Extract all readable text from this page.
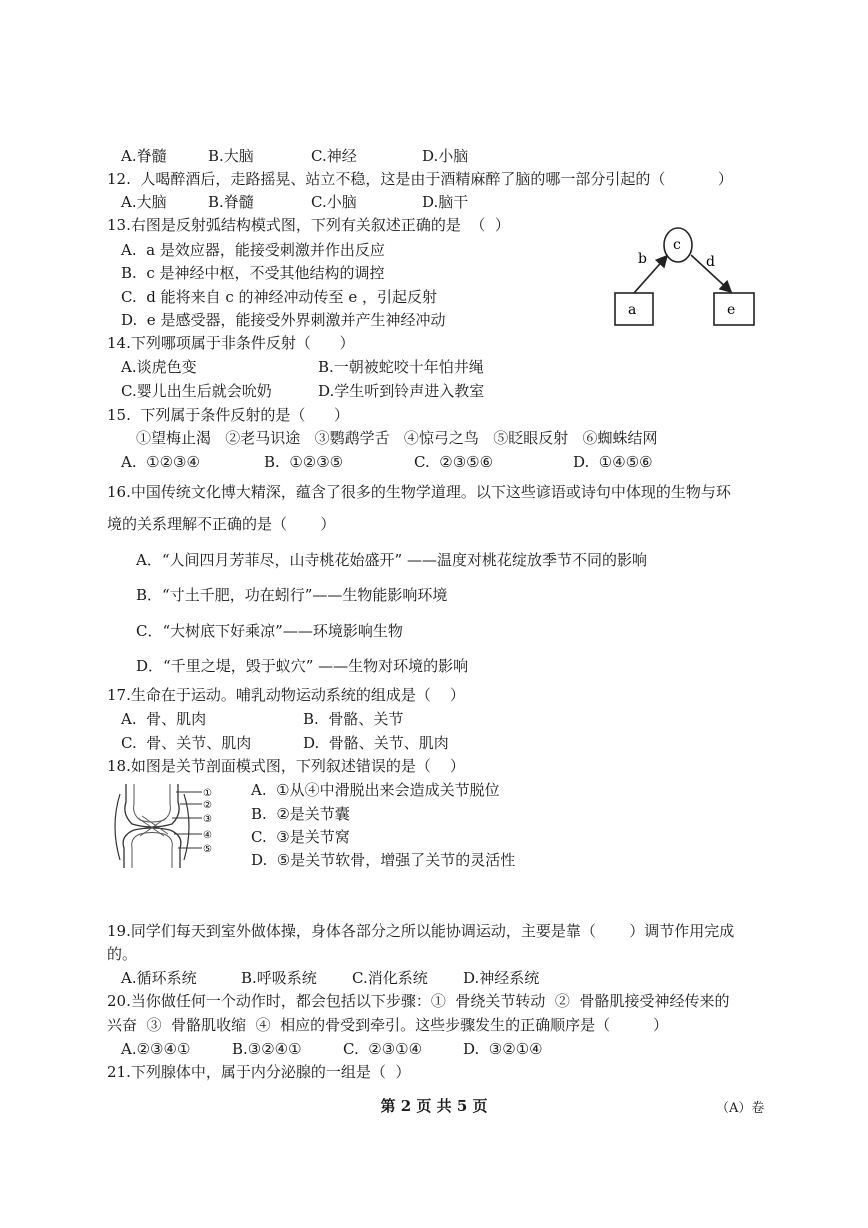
A.脊髓	B.大脑	C.神经	D.小脑
12.  人喝醉酒后，走路摇晃、站立不稳，这是由于酒精麻醉了脑的哪一部分引起的（           ）
A.大脑	B.脊髓	C.小脑	D.脑干
13.右图是反射弧结构模式图，下列有关叙述正确的是  （  ）
A.  a 是效应器，能接受刺激并作出反应
B.  c 是神经中枢，不受其他结构的调控
C.  d 能将来自 c 的神经冲动传至 e ，引起反射
D.  e 是感受器，能接受外界刺激并产生神经冲动
a
c
e
b	d
14.下列哪项属于非条件反射（      ）
A.谈虎色变	B.一朝被蛇咬十年怕井绳
C.婴儿出生后就会吮奶	D.学生听到铃声进入教室
15.  下列属于条件反射的是（      ）
①望梅止渴   ②老马识途   ③鹦鹉学舌   ④惊弓之鸟   ⑤眨眼反射   ⑥蜘蛛结网
A.  ①②③④	B.  ①②③⑤	C.  ②③⑤⑥	D.  ①④⑤⑥
16.中国传统文化博大精深，蕴含了很多的生物学道理。以下这些谚语或诗句中体现的生物与环
境的关系理解不正确的是（       ）
A．“人间四月芳菲尽，山寺桃花始盛开” ——温度对桃花绽放季节不同的影响
B．“寸土千肥，功在蚓行”——生物能影响环境
C．“大树底下好乘凉”——环境影响生物
D．“千里之堤，毁于蚁穴” ——生物对环境的影响
17.生命在于运动。哺乳动物运动系统的组成是（    ）
A.  骨、肌肉	B.  骨骼、关节
C.  骨、关节、肌肉	D.  骨骼、关节、肌肉
18.如图是关节剖面模式图，下列叙述错误的是（    ）
A.  ①从④中滑脱出来会造成关节脱位
B.  ②是关节囊
C.  ③是关节窝
D.  ⑤是关节软骨，增强了关节的灵活性
①
②
③
④
⑤
19.同学们每天到室外做体操，身体各部分之所以能协调运动，主要是靠（       ）调节作用完成
的。
A.循环系统	B.呼吸系统 C.消化系统 D.神经系统
20.当你做任何一个动作时，都会包括以下步骤：①  骨绕关节转动  ②  骨骼肌接受神经传来的
兴奋  ③  骨骼肌收缩  ④  相应的骨受到牵引。这些步骤发生的正确顺序是（         ）
A.②③④①	B.③②④①	C.  ②③①④	D.  ③②①④
21.下列腺体中，属于内分泌腺的一组是（  ）
第 2 页 共 5 页	（A）卷
